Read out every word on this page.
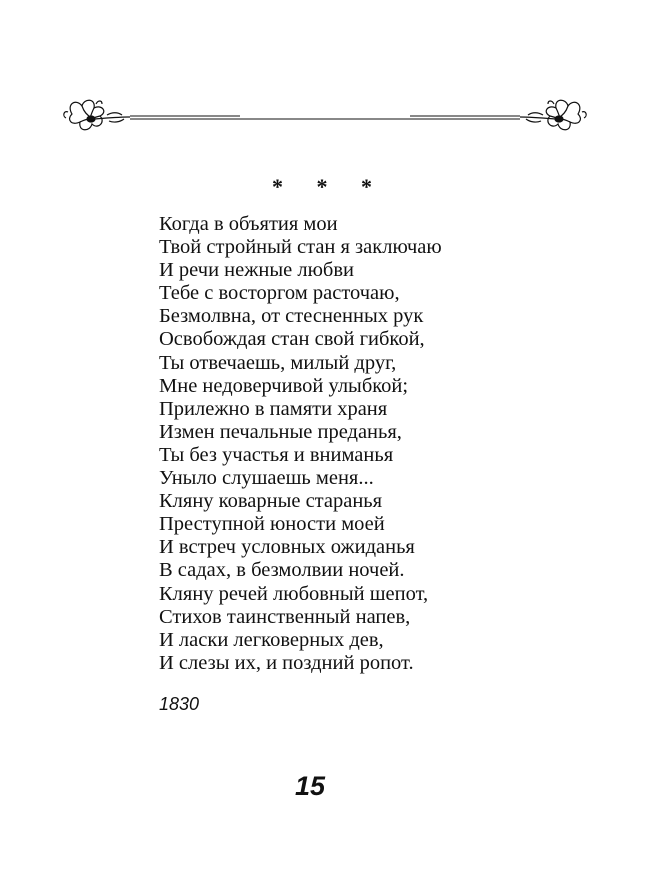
* * *
Когда в объятия мои
Твой стройный стан я заключаю
И речи нежные любви
Тебе с восторгом расточаю,
Безмолвна, от стесненных рук
Освобождая стан свой гибкой,
Ты отвечаешь, милый друг,
Мне недоверчивой улыбкой;
Прилежно в памяти храня
Измен печальные преданья,
Ты без участья и вниманья
Уныло слушаешь меня...
Кляну коварные старанья
Преступной юности моей
И встреч условных ожиданья
В садах, в безмолвии ночей.
Кляну речей любовный шепот,
Стихов таинственный напев,
И ласки легковерных дев,
И слезы их, и поздний ропот.
1830
15
